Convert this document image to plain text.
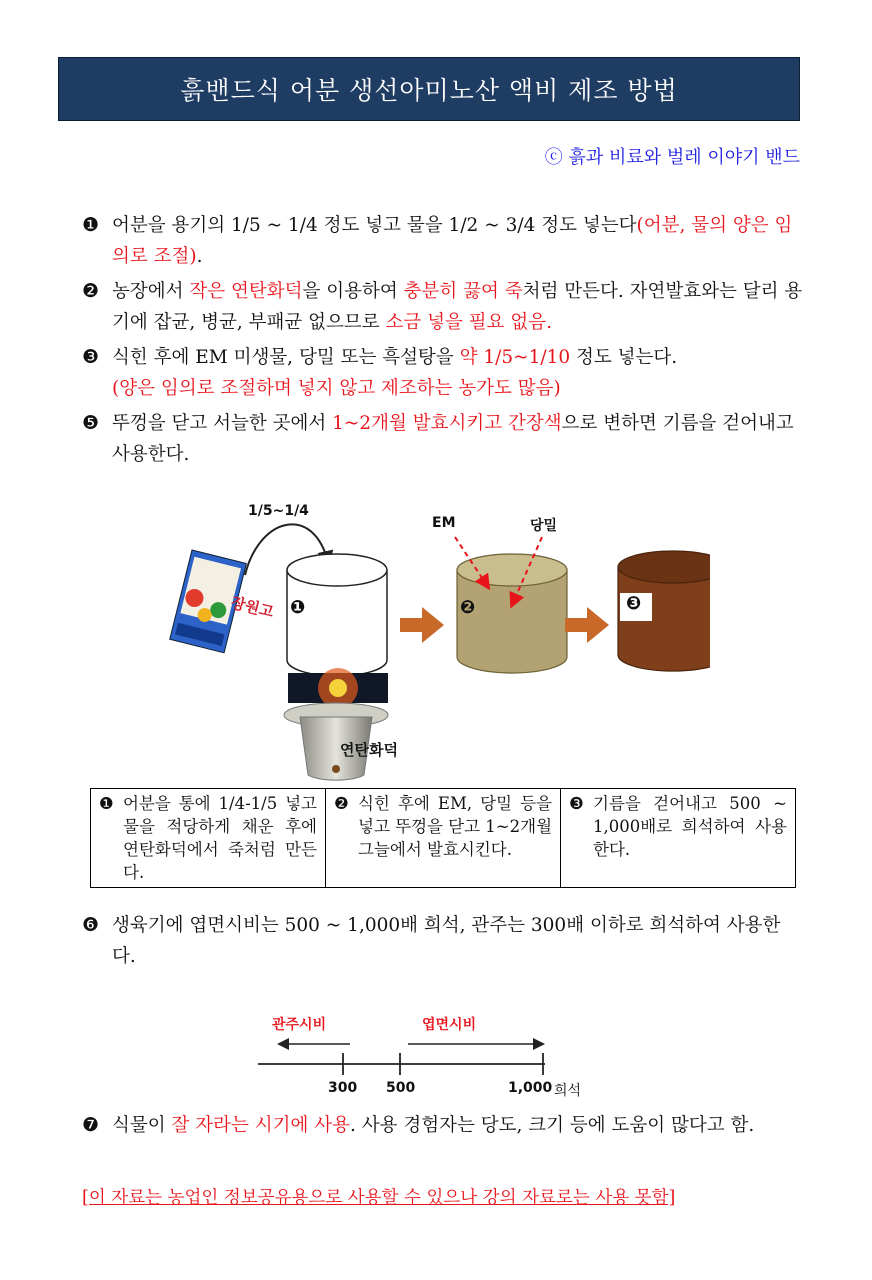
흙밴드식 어분 생선아미노산 액비 제조 방법
ⓒ 흙과 비료와 벌레 이야기 밴드
❶ 어분을 용기의 1/5 ~ 1/4 정도 넣고 물을 1/2 ~ 3/4 정도 넣는다(어분, 물의 양은 임의로 조절).
❷ 농장에서 작은 연탄화덕을 이용하여 충분히 끓여 죽처럼 만든다. 자연발효와는 달리 용기에 잡균, 병균, 부패균 없으므로 소금 넣을 필요 없음.
❸ 식힌 후에 EM 미생물, 당밀 또는 흑설탕을 약 1/5~1/10 정도 넣는다.
(양은 임의로 조절하며 넣지 않고 제조하는 농가도 많음)
❺ 뚜껑을 닫고 서늘한 곳에서 1~2개월 발효시키고 간장색으로 변하면 기름을 걷어내고 사용한다.
장원고
1/5~1/4
EM	당밀
❶	❷	❸
연탄화덕
❶ 어분을 통에 1/4-1/5 넣고 물을 적당하게 채운 후에 연탄화덕에서 죽처럼 만든다.

❷ 식힌 후에 EM, 당밀 등을 넣고 뚜껑을 닫고 1~2개월 그늘에서 발효시킨다.

❸ 기름을 걷어내고 500 ~ 1,000배로 희석하여 사용한다.
❻ 생육기에 엽면시비는 500 ~ 1,000배 희석, 관주는 300배 이하로 희석하여 사용한다.
관주시비	엽면시비
300 500	1,000 희석
❼ 식물이 잘 자라는 시기에 사용. 사용 경험자는 당도, 크기 등에 도움이 많다고 함.
[이 자료는 농업인 정보공유용으로 사용할 수 있으나 강의 자료로는 사용 못함]
